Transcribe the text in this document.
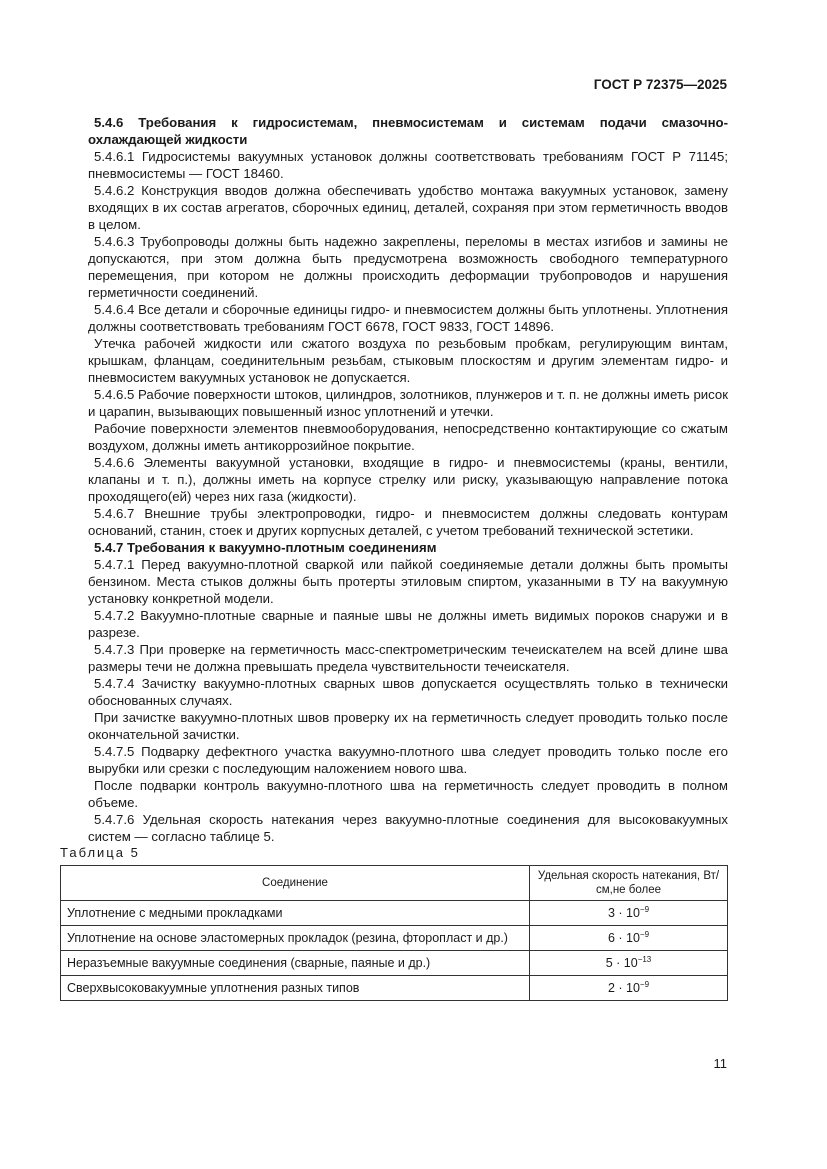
ГОСТ Р 72375—2025

5.4.6 Требования к гидросистемам, пневмосистемам и системам подачи смазочно-охлаждающей жидкости

5.4.6.1 Гидросистемы вакуумных установок должны соответствовать требованиям ГОСТ Р 71145; пневмосистемы — ГОСТ 18460.

5.4.6.2 Конструкция вводов должна обеспечивать удобство монтажа вакуумных установок, замену входящих в их состав агрегатов, сборочных единиц, деталей, сохраняя при этом герметичность вводов в целом.

5.4.6.3 Трубопроводы должны быть надежно закреплены, переломы в местах изгибов и замины не допускаются, при этом должна быть предусмотрена возможность свободного температурного перемещения, при котором не должны происходить деформации трубопроводов и нарушения герметичности соединений.

5.4.6.4 Все детали и сборочные единицы гидро- и пневмосистем должны быть уплотнены. Уплотнения должны соответствовать требованиям ГОСТ 6678, ГОСТ 9833, ГОСТ 14896.

Утечка рабочей жидкости или сжатого воздуха по резьбовым пробкам, регулирующим винтам, крышкам, фланцам, соединительным резьбам, стыковым плоскостям и другим элементам гидро- и пневмосистем вакуумных установок не допускается.

5.4.6.5 Рабочие поверхности штоков, цилиндров, золотников, плунжеров и т. п. не должны иметь рисок и царапин, вызывающих повышенный износ уплотнений и утечки.

Рабочие поверхности элементов пневмооборудования, непосредственно контактирующие со сжатым воздухом, должны иметь антикоррозийное покрытие.

5.4.6.6 Элементы вакуумной установки, входящие в гидро- и пневмосистемы (краны, вентили, клапаны и т. п.), должны иметь на корпусе стрелку или риску, указывающую направление потока проходящего(ей) через них газа (жидкости).

5.4.6.7 Внешние трубы электропроводки, гидро- и пневмосистем должны следовать контурам оснований, станин, стоек и других корпусных деталей, с учетом требований технической эстетики.

5.4.7 Требования к вакуумно-плотным соединениям

5.4.7.1 Перед вакуумно-плотной сваркой или пайкой соединяемые детали должны быть промыты бензином. Места стыков должны быть протерты этиловым спиртом, указанными в ТУ на вакуумную установку конкретной модели.

5.4.7.2 Вакуумно-плотные сварные и паяные швы не должны иметь видимых пороков снаружи и в разрезе.

5.4.7.3 При проверке на герметичность масс-спектрометрическим течеискателем на всей длине шва размеры течи не должна превышать предела чувствительности течеискателя.

5.4.7.4 Зачистку вакуумно-плотных сварных швов допускается осуществлять только в технически обоснованных случаях.

При зачистке вакуумно-плотных швов проверку их на герметичность следует проводить только после окончательной зачистки.

5.4.7.5 Подварку дефектного участка вакуумно-плотного шва следует проводить только после его вырубки или срезки с последующим наложением нового шва.

После подварки контроль вакуумно-плотного шва на герметичность следует проводить в полном объеме.

5.4.7.6 Удельная скорость натекания через вакуумно-плотные соединения для высоковакуумных систем — согласно таблице 5.

Таблица 5
Соединение	Удельная скорость натекания, Вт/см,не более
Уплотнение с медными прокладками	$3 \cdot 10^{-9}$
Уплотнение на основе эластомерных прокладок (резина, фторопласт и др.)	$6 \cdot 10^{-9}$
Неразъемные вакуумные соединения (сварные, паяные и др.)	$5 \cdot 10^{-13}$
Сверхвысоковакуумные уплотнения разных типов	$2 \cdot 10^{-9}$
11
